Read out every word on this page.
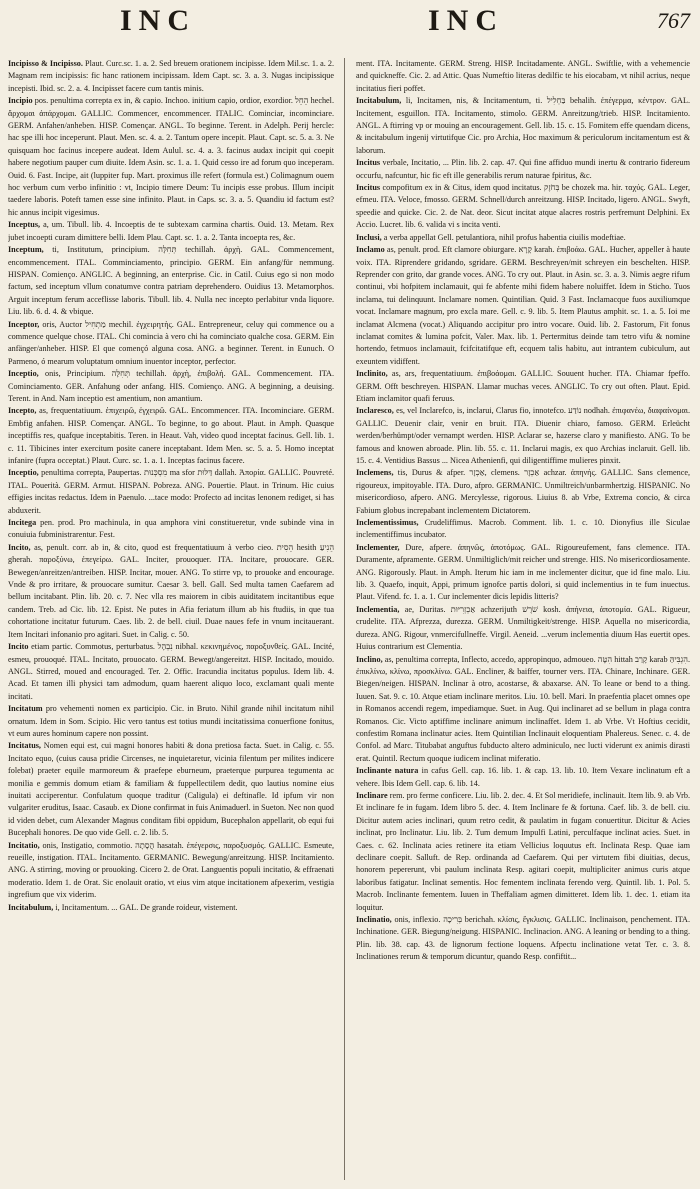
INC	INC	767

Incipisso & Incipisso. Plaut. Curc.sc. 1. a. 2. Sed breuem orationem incipisse. Idem Mil.sc. 1. a. 2. Magnam rem incipissis: fic hanc rationem incipissam. Idem Capt. sc. 3. a. 3. Nugas incipissique incepisti. Ibid. sc. 2. a. 4. Incipisset facere cum tantis minis.

Incipio pos. penultima correpta ex in, & capio. Inchoo. initium capio, ordior, exordior. הֵחֵל hechel. ἄρχομαι ἀπάρχομαι. GALLIC. Commencer, encommencer. ITALIC. Cominciar, incominciare. GERM. Anfahen/anheben. HISP. Començar. ANGL. To beginne. Terent. in Adelph. Perij hercle: hac spe illi hoc inceperunt. Plaut. Men. sc. 4. a. 2. Tantum opere incepit. Plaut. Capt. sc. 5. a. 3. Ne quisquam hoc facinus incepere audeat. Idem Aulul. sc. 4. a. 3. facinus audax incipit qui coepit habere negotium pauper cum diuite. Idem Asin. sc. 1. a. 1. Quid cesso ire ad forum quo inceperam. Ouid. 6. Fast. Incipe, ait (luppiter fup. Mart. proximus ille refert (formula est.) Colimagnum ouem hoc verbum cum verbo infinitio : vt, Incipio timere Deum: Tu incipis esse probus. Illum incipit taedere laboris. Poteft tamen esse sine infinito. Plaut. in Caps. sc. 3. a. 5. Quandiu id factum est? hic annus incipit vigesimus.

Inceptus, a, um. Tibull. lib. 4. Incoeptis de te subtexam carmina chartis. Ouid. 13. Metam. Rex jubet incoepti curam dimittere belli. Idem Plau. Capt. sc. 1. a. 2. Tanta incoepta res, &c.

Inceptum, ti, Institutum, principium. תְּחִלָּה techillah. ἀρχὴ. GAL. Commencement, encommencement. ITAL. Comminciamento, principio. GERM. Ein anfang/für nemmung. HISPAN. Comienço. ANGLIC. A beginning, an enterprise. Cic. in Catil. Cuius ego si non modo factum, sed inceptum vllum conatumve contra patriam deprehendero. Ouidius 13. Metamorphos. Arguit inceptum ferum acceflisse laboris. Tibull. lib. 4. Nulla nec incepto perlabitur vnda liquore. Liu. lib. 6. d. 4. & vbique.

Inceptor, oris, Auctor מַתְחִיל mechil. ἐγχειρητὴς. GAL. Entrepreneur, celuy qui commence ou a commence quelque chose. ITAL. Chi comincia à vero chi ha cominciato qualche cosa. GERM. Ein anfänger/anheber. HISP. El que començó alguna cosa. ANG. a beginner. Terent. in Eunuch. O Parmeno, ó mearum voluptatum omnium inuentor inceptor, perfector.

Inceptio, onis, Principium. תְּחִלָּה techillah. ἀρχὴ, ἐπιβολή. GAL. Commencement. ITA. Cominciamento. GER. Anfahung oder anfang. HIS. Comienço. ANG. A beginning, a deuising. Terent. in And. Nam inceptio est amentium, non amantium.

Incepto, as, frequentatiuum. ἐπιχειρῶ, ἐγχειρῶ. GAL. Encommencer. ITA. Incominciare. GERM. Embfig anfahen. HISP. Començar. ANGL. To beginne, to go about. Plaut. in Amph. Quasque inceptiffis res, quafque inceptabitis. Teren. in Heaut. Vah, video quod inceptat facinus. Gell. lib. 1. c. 11. Tibicines inter exercitum posite canere inceptabant. Idem Men. sc. 5. a. 5. Homo inceptat infanire (fupra occeptat.) Plaut. Curc. sc. 1. a. 1. Inceptas facinus facere.

Inceptio, penultima correpta, Paupertas. מִסְכְּנוּת ma sfor דַּלּוּת dallah. Ἀπορία. GALLIC. Pouvreté. ITAL. Pouerità. GERM. Armut. HISPAN. Pobreza. ANG. Pouertie. Plaut. in Trinum. Hic cuius effigies incitas redactus. Idem in Paenulo. ...tace modo: Profecto ad incitas lenonem rediget, si has abduxerit.

Incitega pen. prod. Pro machinula, in qua amphora vini constitueretur, vnde subinde vina in conuiuia fubministrarentur. Fest.

Incito, as, penult. corr. ab in, & cito, quod est frequentatiuum à verbo cieo. הֵסִית hesith הֵנִיעַ gherah. παροξύνω, ἐπεγείρω. GAL. Inciter, prouoquer. ITA. Incitare, prouocare. GER. Bewegen/anreitzen/antreiben. HISP. Incitar, mouer. ANG. To stirre vp, to prouoke and encourage. Vnde & pro irritare, & prouocare sumitur. Caesar 3. bell. Gall. Sed multa tamen Caefarem ad bellum incitabant. Plin. lib. 20. c. 7. Nec vlla res maiorem in cibis auiditatem incitantibus eque candem. Treb. ad Cic. lib. 12. Epist. Ne putes in Afia feriatum illum ab his ftudiis, in que tua cohortatione incitatur futurum. Caes. lib. 2. de bell. ciuil. Duae naues fefe in vnum incitauerant. Item Incitari infonanio pro agitari. Suet. in Calig. c. 50.

Incito etiam partic. Commotus, perturbatus. נִבְהָל nibhal. κεκινημένος, παροξυνθείς. GAL. Incité, esmeu, prouoqué. ITAL. Incitato, prouocato. GERM. Bewegt/angereitzt. HISP. Incitado, mouido. ANGL. Stirred, moued and encouraged. Ter. 2. Offic. Iracundia incitatus populus. Idem lib. 4. Acad. Et tamen illi physici tam admodum, quam haerent aliquo loco, exclamant quali mente incitati.

Incitatum pro vehementi nomen ex participio. Cic. in Bruto. Nihil grande nihil incitatum nihil ornatum. Idem in Som. Scipio. Hic vero tantus est totius mundi incitatissima conuerfione fonitus, vt eum aures hominum capere non possint.

Incitatus, Nomen equi est, cui magni honores habiti & dona pretiosa facta. Suet. in Calig. c. 55. Incitato equo, (cuius causa pridie Circenses, ne inquietaretur, vicinia filentum per milites indicere folebat) praeter equile marmoreum & praefepe eburneum, praeterque purpurea tegumenta ac monilia e gemmis domum etiam & familiam & fuppellectilem dedit, quo lautius nomine eius inuitati acciperentur. Confulatum quoque traditur (Caligula) ei deftinafle. Id ipfum vir non vulgariter eruditus, Isaac. Casaub. ex Dione confirmat in fuis Animaduerl. in Sueton. Nec non quod id viden debet, cum Alexander Magnus conditam fibi oppidum, Bucephalon appellarit, ob equi fui Bucephali honores. De quo vide Gell. c. 2. lib. 5.

Incitatio, onis, Instigatio, commotio. הֲסָתָה hasatah. ἐπέγερσις, παροξυσμός. GALLIC. Esmeute, reueille, instigation. ITAL. Incitamento. GERMANIC. Bewegung/anreitzung. HISP. Incitamiento. ANG. A stirring, moving or prouoking. Cicero 2. de Orat. Languentis populi incitatio, & effraenati moderatio. Idem 1. de Orat. Sic enolauit oratio, vt eius vim atque incitationem afpexerim, vestigia ingrefium que vix viderim.

Incitabulum, i, Incitamentum. ... GAL. De grande roideur, vistement.

ment. ITA. Incitamente. GERM. Streng. HISP. Incitadamente. ANGL. Swiftlie, with a vehemencie and quickneffe. Cic. 2. ad Attic. Quas Numeftio literas dedilfic te his eiocabam, vt nihil acrius, neque incitatius fieri poffet.

Incitabulum, li, Incitamen, nis, & Incitamentum, ti. בַּחְלִיל behalih. ἐπέγερμα, κέντρον. GAL. Incitement, esguillon. ITA. Incitamento, stimolo. GERM. Anreitzung/trieb. HISP. Incitamiento. ANGL. A ftirring vp or mouing an encouragement. Gell. lib. 15. c. 15. Fomitem effe quendam dicens, & incitabulum ingenij virtutifque Cic. pro Archia, Hoc maximum & periculorum incitamentum est & laborum.

Incitus verbale, Incitatio, ... Plin. lib. 2. cap. 47. Qui fine affiduo mundi inertu & contrario fidereum occurfu, nafcuntur, hic fic eft ille generabilis rerum naturae fpiritus, &c.

Incitus compofitum ex in & Citus, idem quod incitatus. בְּחֹזֶק be chozek ma. hir. ταχύς. GAL. Leger, efmeu. ITA. Veloce, fmosso. GERM. Schnell/durch anreitzung. HISP. Incitado, ligero. ANGL. Swyft, speedie and quicke. Cic. 2. de Nat. deor. Sicut incitat atque alacres rostris perfremunt Delphini. Ex Accio. Lucret. lib. 6. valida vi s incita venti.

Inclusi, a verba appellat Gell. petulantiora, nihil profus habentia ciuilis modeftiae.

Inclamo as, penult. prod. Eft clamore obiurgare. קָרָא karah. ἐπιβοάω. GAL. Hucher, appeller à haute voix. ITA. Riprendere gridando, sgridare. GERM. Beschreyen/mit schreyen ein beschelten. HISP. Reprender con grito, dar grande voces. ANG. To cry out. Plaut. in Asin. sc. 3. a. 3. Nimis aegre rifum continui, vbi hofpitem inclamauit, qui fe abfente mihi fidem habere noluiffet. Idem in Sticho. Tuos inclama, tui delinquunt. Inclamare nomen. Quintilian. Quid. 3 Fast. Inclamacque fuos auxiliumque vocat. Inclamare magnum, pro excla mare. Gell. c. 9. lib. 5. Item Plautus amphit. sc. 1. a. 5. Ioi me inclamat Alcmena (vocat.) Aliquando accipitur pro intro vocare. Ouid. lib. 2. Fastorum, Fit fonus inclamat comites & lumina pofcit, Valer. Max. lib. 1. Pertermitus deinde tam tetro vifu & nomine hortendo, fetmuos inclamauit, fcifcitatifque eft, ecquem talis habitu, aut intrantem cubiculum, aut exeuntem vidiffent.

Inclinito, as, ars, frequentatiuum. ἐπιβοάομαι. GALLIC. Souuent hucher. ITA. Chiamar fpeffo. GERM. Offt beschreyen. HISPAN. Llamar muchas veces. ANGLIC. To cry out often. Plaut. Epid. Etiam inclamitor quafi feruus.

Inclaresco, es, vel Inclarefco, is, inclarui, Clarus fio, innotefco. נוֹדַע nodhah. ἐπιφανέω, διαφαίνομαι. GALLIC. Deuenir clair, venir en bruit. ITA. Diuenir chiaro, famoso. GERM. Erleücht werden/berhümpt/oder vernampt werden. HISP. Aclarar se, hazerse claro y manifiesto. ANG. To be famous and knowen abroade. Plin. lib. 55. c. 11. Inclarui magis, ex quo Archias inclaruit. Gell. lib. 15. c. 4. Ventidius Bassus ... Nicea Athenienfi, qui diligentiffime mulieres pinxit.

Inclemens, tis, Durus & afper. אַכְזָר, clemens. אַכְזָר achzar. ἀπηνής. GALLIC. Sans clemence, rigoureux, impitoyable. ITA. Duro, afpro. GERMANIC. Unmiltreich/unbarmhertzig. HISPANIC. No misericordioso, afpero. ANG. Mercylesse, rigorous. Liuius 8. ab Vrbe, Extrema concio, & circa Fabium globus increpabant inclementem Dictatorem.

Inclementissimus, Crudeliffimus. Macrob. Comment. lib. 1. c. 10. Dionyfius ille Siculae inclementiffimus incubator.

Inclementer, Dure, afpere. ἀπηνῶς, ἀποτόμως. GAL. Rigoureufement, fans clemence. ITA. Duramente, afpramente. GERM. Unmiltiglich/mit reicher und strenge. HIS. No misericordiosamente. ANG. Rigorously. Plaut. in Amph. Iterum hic iam in me inclementer dicitur, que id fine malo. Liu. lib. 3. Quaefo, inquit, Appi, primum ignofce partis dolori, si quid inclementius in te fum inuectus. Plaut. Vifend. fc. 1. a. 1. Cur inclementer dicis lepidis litteris?

Inclementia, ae, Duritas. אַכְזְרִיּוּת achzerijuth שֹׁרֶשׁ kosh. ἀπήνεια, ἀποτομία. GAL. Rigueur, crudelite. ITA. Afprezza, durezza. GERM. Unmiltigkeit/strenge. HISP. Aquella no misericordia, dureza. ANG. Rigour, vnmercifullneffe. Virgil. Aeneid. ...verum inclementia diuum Has euertit opes. Huius contrarium est Clementia.

Inclino, as, penultima correpta, Inflecto, accedo, appropinquo, admoueo. הִטָּה hittah קָרַב karab הִגְבִּיהַּ. ἐπικλίνω, κλίνω, προσκλίνω. GAL. Encliner, & baiffer, tourner vers. ITA. Chinare, Inchinare. GER. Biegen/neigen. HISPAN. Inclinar à otro, acostarse, & abaxarse. AN. To leane or bend to a thing. Iuuen. Sat. 9. c. 10. Atque etiam inclinare meritos. Liu. 10. bell. Mari. In praefentia placet omnes ope in Romanos accendi regem, impediamque. Suet. in Aug. Qui inclinaret ad se bellum in plaga contra Romanos. Cic. Victo aptiffime inclinare animum inclinaffet. Idem 1. ab Vrbe. Vt Hoftius cecidit, confestim Romana inclinatur acies. Item Quintilian Inclinauit eloquentiam Phalereus. Senec. c. 4. de Confol. ad Marc. Titubabat anguftus fubducto altero adminiculo, nec lucti viderunt ex animis dirasti erat. Quintil. Rectum quoque iudicem inclinat miferatio.

Inclinante natura in cafus Gell. cap. 16. lib. 1. & cap. 13. lib. 10. Item Vexare inclinatum eft a vehere. Ibis Idem Gell. cap. 6. lib. 14.

Inclinare rem. pro ferme conficere. Liu. lib. 2. dec. 4. Et Sol meridiefe, inclinauit. Item lib. 9. ab Vrb. Et inclinare fe in fugam. Idem libro 5. dec. 4. Item Inclinare fe & fortuna. Caef. lib. 3. de bell. ciu. Dicitur autem acies inclinari, quum retro cedit, & paulatim in fugam conuertitur. Dicitur & Acies inclinat, pro Inclinatur. Liu. lib. 2. Tum demum Impulfi Latini, perculfaque inclinat acies. Suet. in Caes. c. 62. Inclinata acies retinere ita etiam Vellicius loquutus eft. Inclinata Resp. Quae iam declinare coepit. Salluft. de Rep. ordinanda ad Caefarem. Qui per virtutem fibi diuitias, decus, honorem pepererunt, vbi paulum inclinata Resp. agitari coepit, multipliciter animus curis atque laboribus fatigatur. Inclinat sementis. Hoc fementem inclinata ferendo verg. Quintil. lib. 1. Pol. 5. Macrob. Inclinante fementem. Iuuen in Theffaliam agmen dimitteret. Idem lib. 1. dec. 1. etiam ita loquitur.

Inclinatio, onis, inflexio. בְּרִיכָה berichah. κλίσις, ἔγκλισις. GALLIC. Inclinaison, penchement. ITA. Inchinatione. GER. Biegung/neigung. HISPANIC. Inclinacion. ANG. A leaning or bending to a thing. Plin. lib. 38. cap. 43. de lignorum fectione loquens. Afpectu inclinatione vetat Ter. c. 3. 8. Inclinationes rerum & temporum dicuntur, quando Resp. confiftit...
